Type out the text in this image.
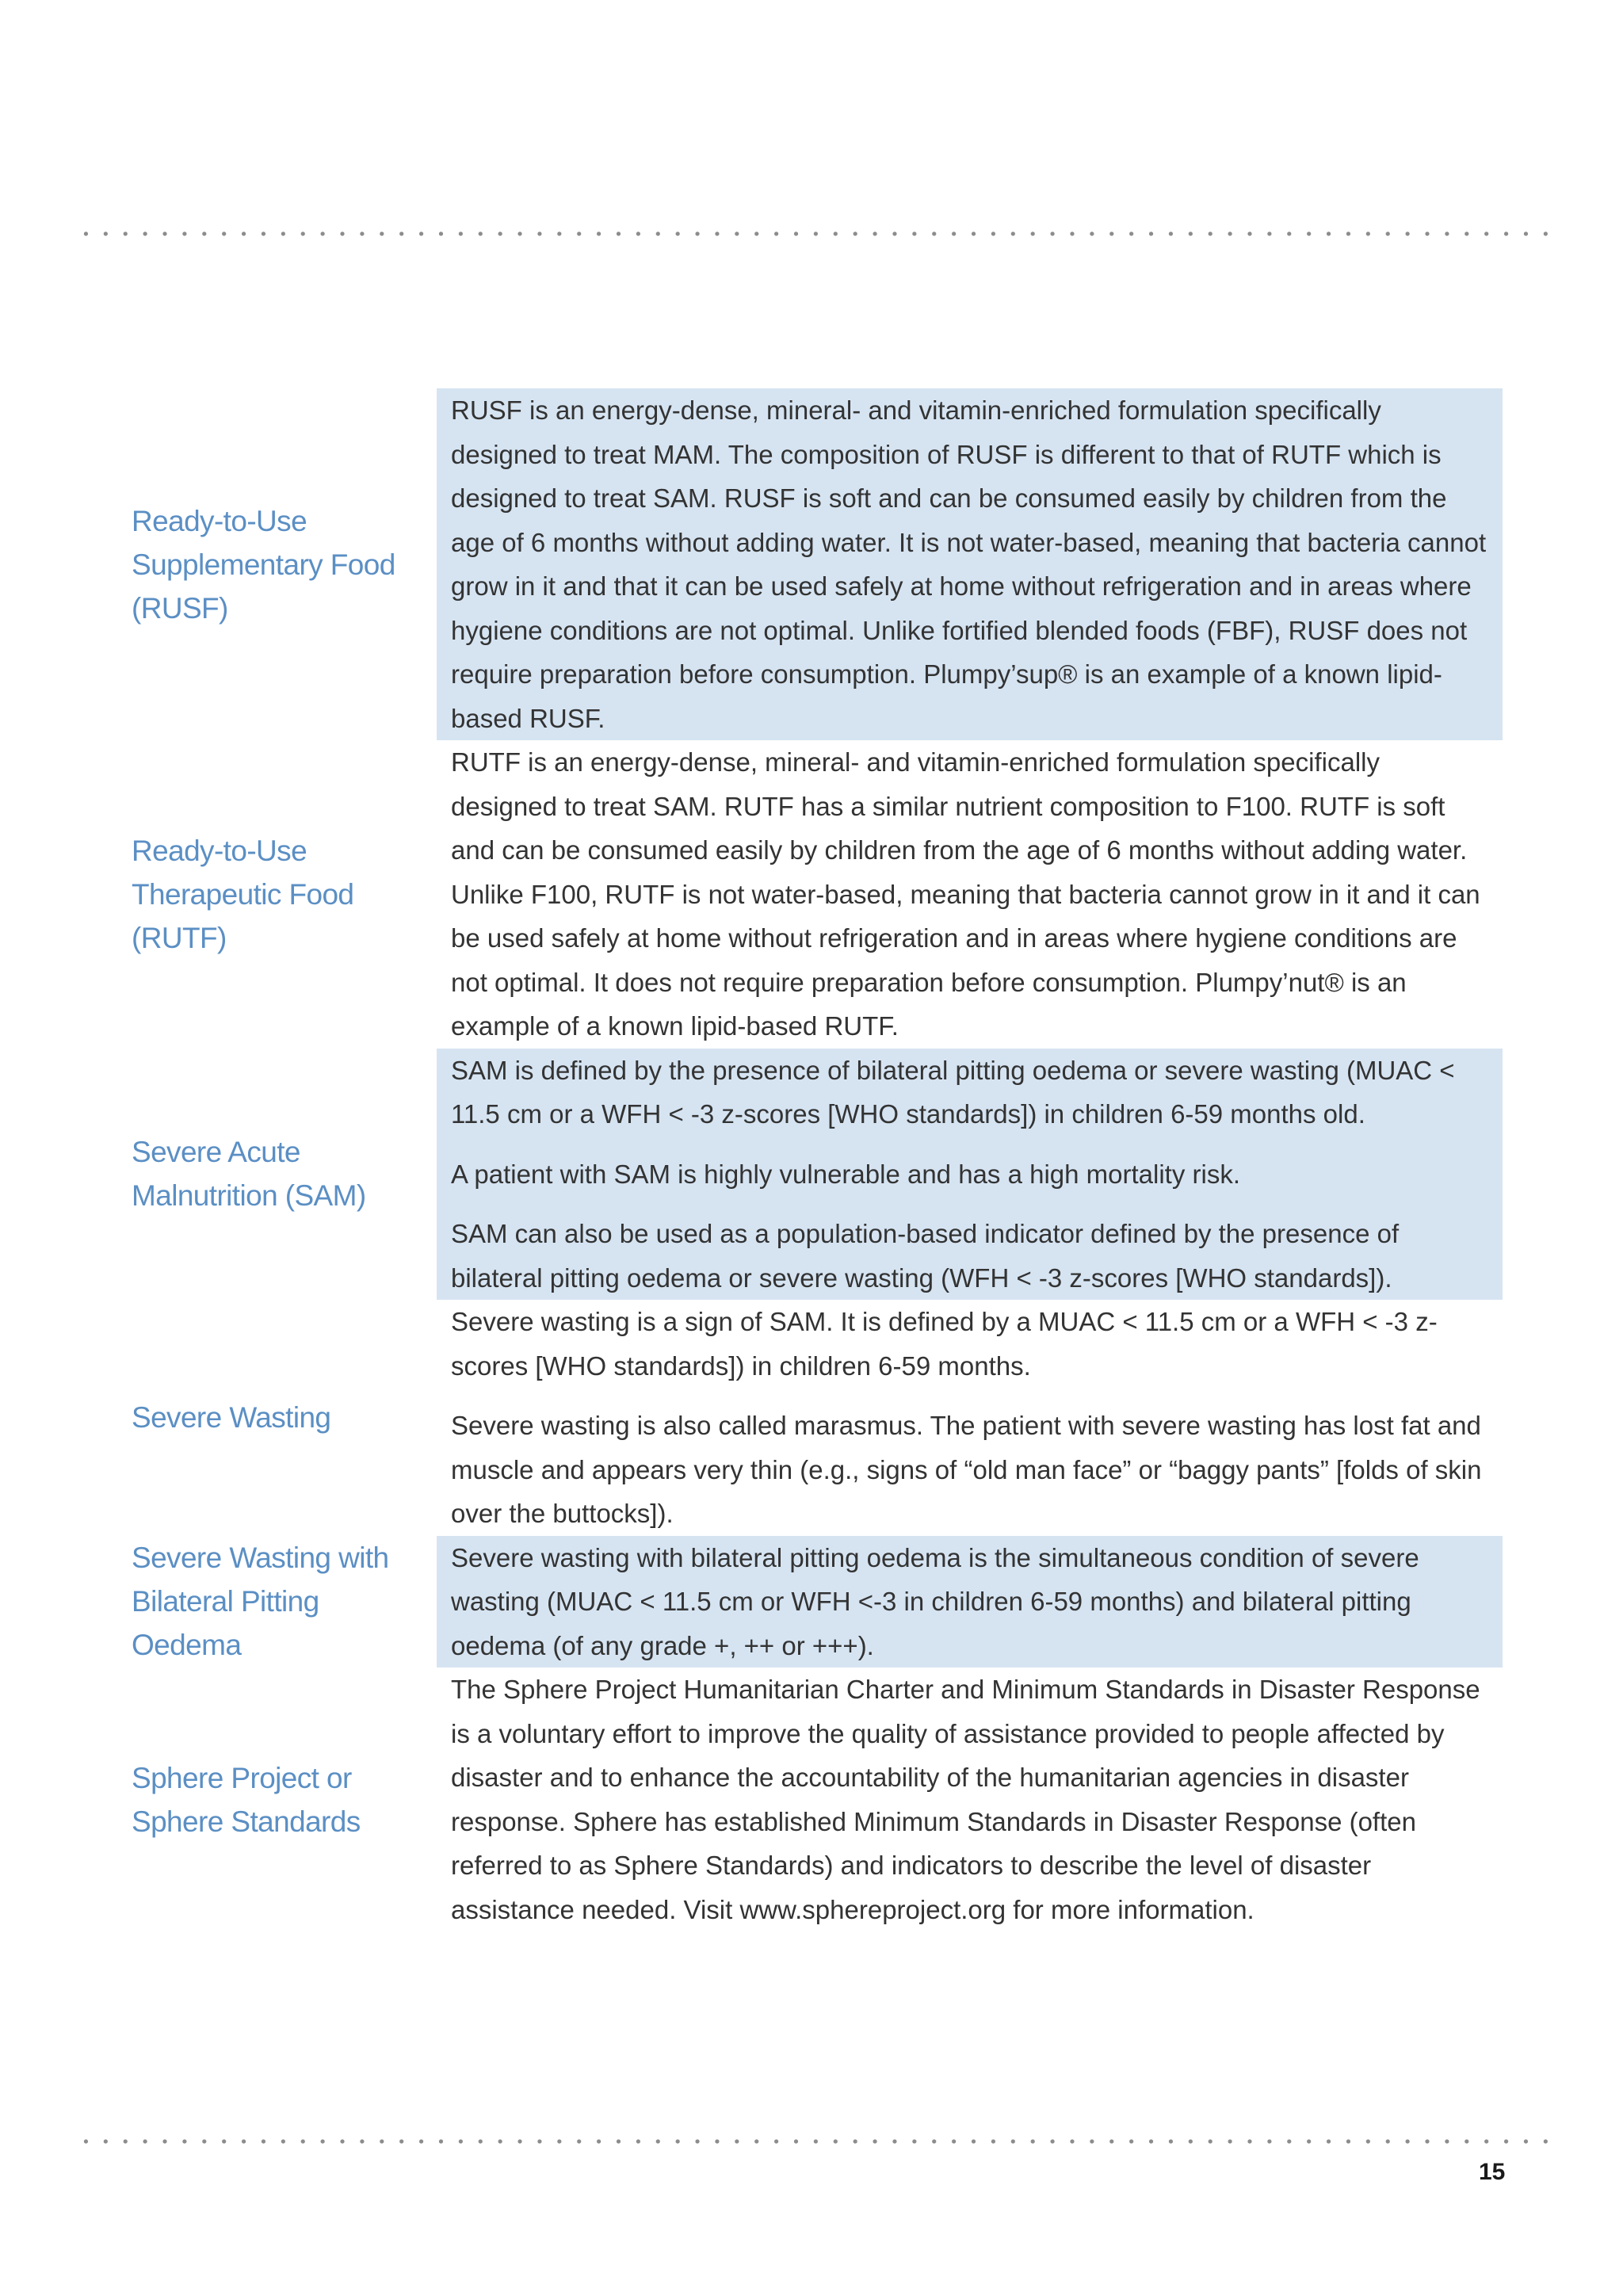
Ready-to-Use
Supplementary Food
(RUSF)

RUSF is an energy-dense, mineral- and vitamin-enriched formulation specifically designed to treat MAM. The composition of RUSF is different to that of RUTF which is designed to treat SAM. RUSF is soft and can be consumed easily by children from the age of 6 months without adding water. It is not water-based, meaning that bacteria cannot grow in it and that it can be used safely at home without refrigeration and in areas where hygiene conditions are not optimal. Unlike fortified blended foods (FBF), RUSF does not require preparation before consumption. Plumpy’sup® is an example of a known lipid-based RUSF.

Ready-to-Use
Therapeutic Food (RUTF)

RUTF is an energy-dense, mineral- and vitamin-enriched formulation specifically designed to treat SAM. RUTF has a similar nutrient composition to F100. RUTF is soft and can be consumed easily by children from the age of 6 months without adding water. Unlike F100, RUTF is not water-based, meaning that bacteria cannot grow in it and it can be used safely at home without refrigeration and in areas where hygiene conditions are not optimal. It does not require preparation before consumption. Plumpy’nut® is an example of a known lipid-based RUTF.

Severe Acute
Malnutrition (SAM)

SAM is defined by the presence of bilateral pitting oedema or severe wasting (MUAC < 11.5 cm or a WFH < -3 z-scores [WHO standards]) in children 6-59 months old.

A patient with SAM is highly vulnerable and has a high mortality risk.

SAM can also be used as a population-based indicator defined by the presence of bilateral pitting oedema or severe wasting (WFH < -3 z-scores [WHO standards]).

Severe Wasting

Severe wasting is a sign of SAM. It is defined by a MUAC < 11.5 cm or a WFH < -3 z-scores [WHO standards]) in children 6-59 months.

Severe wasting is also called marasmus. The patient with severe wasting has lost fat and muscle and appears very thin (e.g., signs of “old man face” or “baggy pants” [folds of skin over the buttocks]).

Severe Wasting with
Bilateral Pitting Oedema

Severe wasting with bilateral pitting oedema is the simultaneous condition of severe wasting (MUAC < 11.5 cm or WFH <-3 in children 6-59 months) and bilateral pitting oedema (of any grade +, ++ or +++).

Sphere Project or
Sphere Standards

The Sphere Project Humanitarian Charter and Minimum Standards in Disaster Response is a voluntary effort to improve the quality of assistance provided to people affected by disaster and to enhance the accountability of the humanitarian agencies in disaster response. Sphere has established Minimum Standards in Disaster Response (often referred to as Sphere Standards) and indicators to describe the level of disaster assistance needed. Visit www.sphereproject.org for more information.

15
